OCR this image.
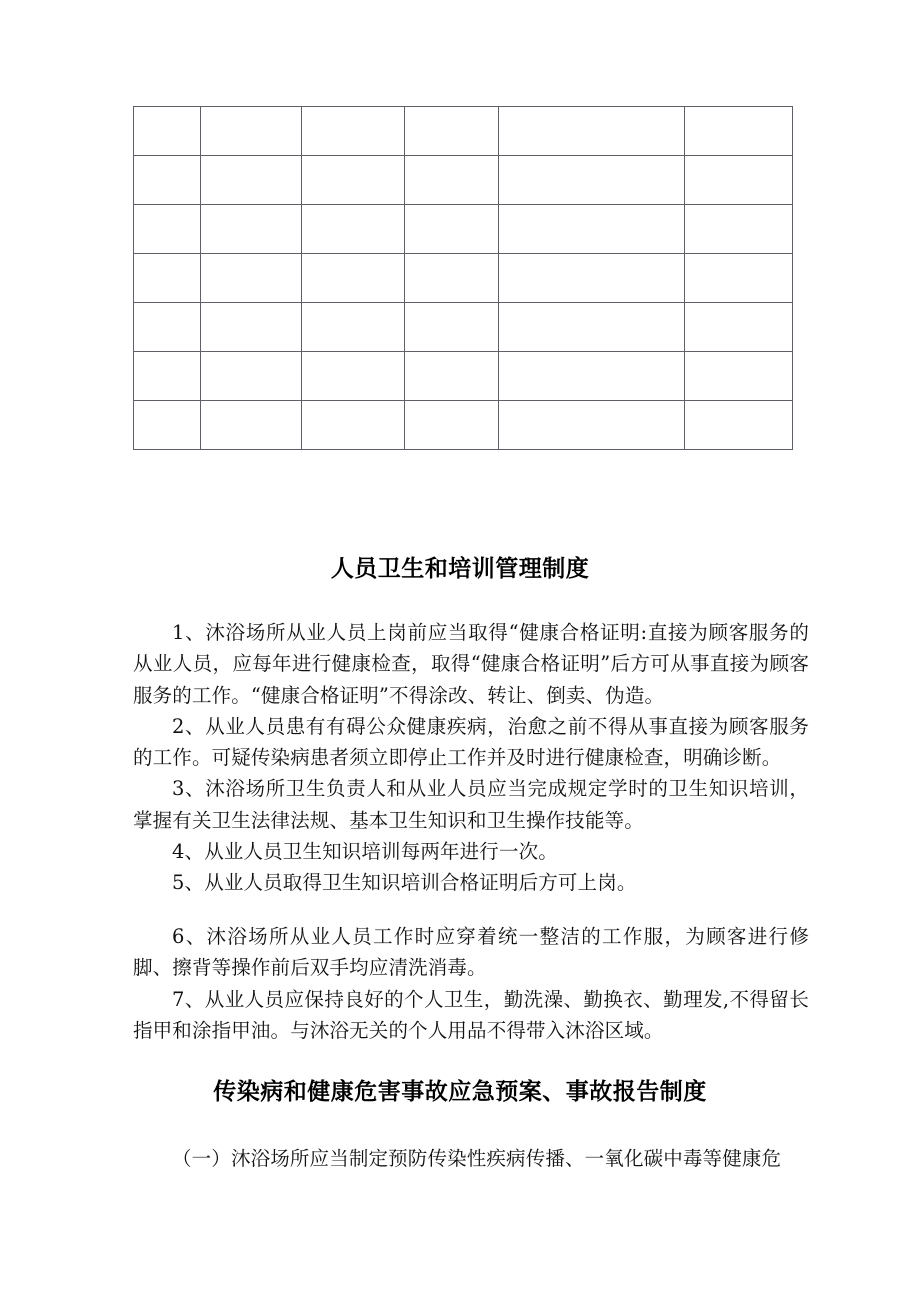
人员卫生和培训管理制度

1、沐浴场所从业人员上岗前应当取得“健康合格证明:直接为顾客服务的从业人员，应每年进行健康检查，取得“健康合格证明”后方可从事直接为顾客服务的工作。“健康合格证明”不得涂改、转让、倒卖、伪造。

2、从业人员患有有碍公众健康疾病，治愈之前不得从事直接为顾客服务的工作。可疑传染病患者须立即停止工作并及时进行健康检查，明确诊断。

3、沐浴场所卫生负责人和从业人员应当完成规定学时的卫生知识培训，掌握有关卫生法律法规、基本卫生知识和卫生操作技能等。

4、从业人员卫生知识培训每两年进行一次。

5、从业人员取得卫生知识培训合格证明后方可上岗。

6、沐浴场所从业人员工作时应穿着统一整洁的工作服，为顾客进行修脚、擦背等操作前后双手均应清洗消毒。

7、从业人员应保持良好的个人卫生，勤洗澡、勤换衣、勤理发,不得留长指甲和涂指甲油。与沐浴无关的个人用品不得带入沐浴区域。

传染病和健康危害事故应急预案、事故报告制度

（一）沐浴场所应当制定预防传染性疾病传播、一氧化碳中毒等健康危
